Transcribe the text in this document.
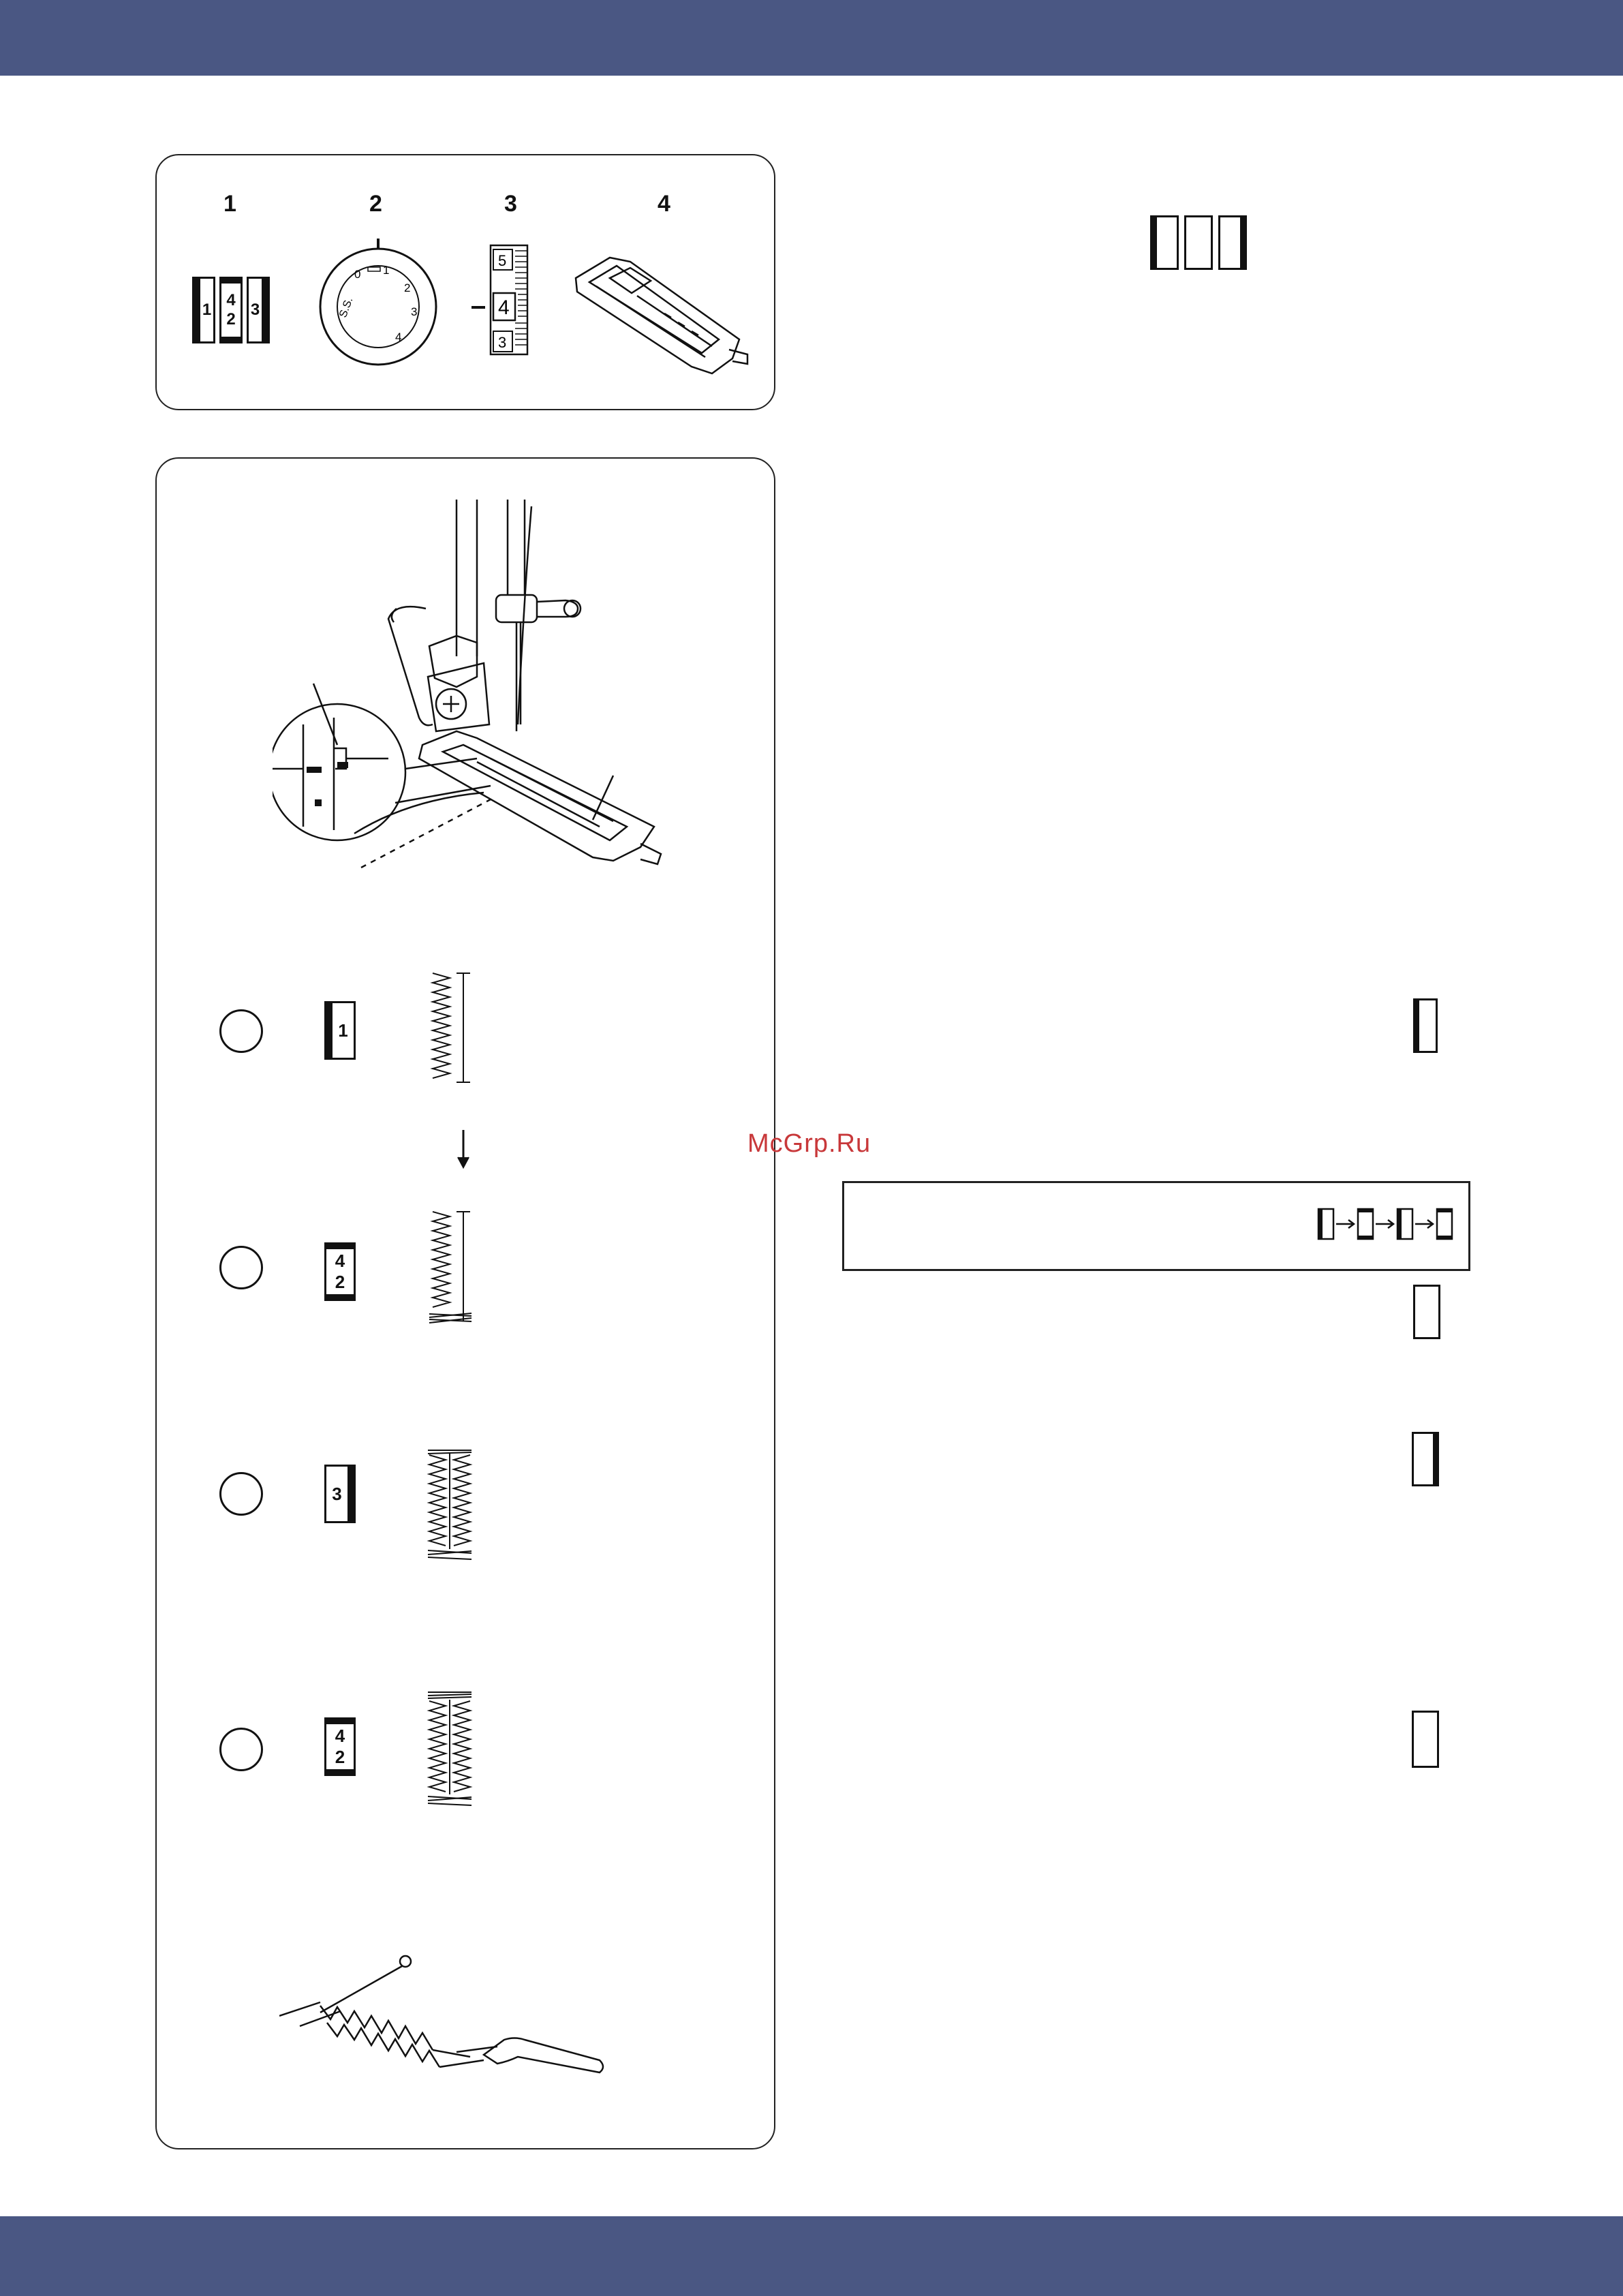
1	2	3	4
1
4
2
3
0 1
2
3
4
S.S.
5
4
3
1
4
2
3
4
2
McGrp.Ru
